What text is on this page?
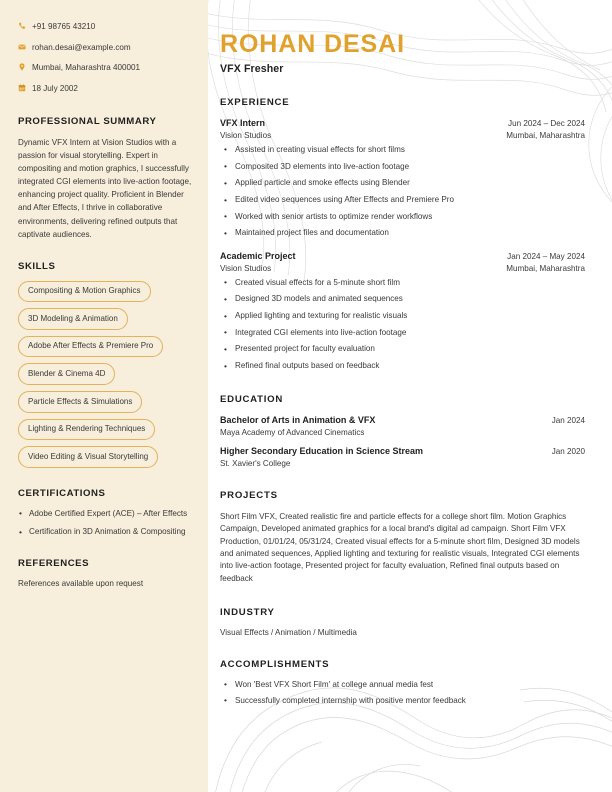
+91 98765 43210
rohan.desai@example.com
Mumbai, Maharashtra 400001
18 July 2002
PROFESSIONAL SUMMARY

Dynamic VFX Intern at Vision Studios with a passion for visual storytelling. Expert in compositing and motion graphics, I successfully integrated CGI elements into live-action footage, enhancing project quality. Proficient in Blender and After Effects, I thrive in collaborative environments, delivering refined outputs that captivate audiences.

SKILLS
Compositing & Motion Graphics
3D Modeling & Animation
Adobe After Effects & Premiere Pro
Blender & Cinema 4D
Particle Effects & Simulations
Lighting & Rendering Techniques
Video Editing & Visual Storytelling
CERTIFICATIONS
• Adobe Certified Expert (ACE) – After Effects
• Certification in 3D Animation & Compositing
REFERENCES

References available upon request

ROHAN DESAI
VFX Fresher
EXPERIENCE
VFX Intern	Jun 2024 – Dec 2024
Vision Studios	Mumbai, Maharashtra
• Assisted in creating visual effects for short films
• Composited 3D elements into live-action footage
• Applied particle and smoke effects using Blender
• Edited video sequences using After Effects and Premiere Pro
• Worked with senior artists to optimize render workflows
• Maintained project files and documentation
Academic Project	Jan 2024 – May 2024
Vision Studios	Mumbai, Maharashtra
• Created visual effects for a 5-minute short film
• Designed 3D models and animated sequences
• Applied lighting and texturing for realistic visuals
• Integrated CGI elements into live-action footage
• Presented project for faculty evaluation
• Refined final outputs based on feedback
EDUCATION
Bachelor of Arts in Animation & VFX	Jan 2024
Maya Academy of Advanced Cinematics
Higher Secondary Education in Science Stream	Jan 2020
St. Xavier's College
PROJECTS

Short Film VFX, Created realistic fire and particle effects for a college short film. Motion Graphics Campaign, Developed animated graphics for a local brand's digital ad campaign. Short Film VFX Production, 01/01/24, 05/31/24, Created visual effects for a 5-minute short film, Designed 3D models and animated sequences, Applied lighting and texturing for realistic visuals, Integrated CGI elements into live-action footage, Presented project for faculty evaluation, Refined final outputs based on feedback

INDUSTRY

Visual Effects / Animation / Multimedia

ACCOMPLISHMENTS
• Won 'Best VFX Short Film' at college annual media fest
• Successfully completed internship with positive mentor feedback
